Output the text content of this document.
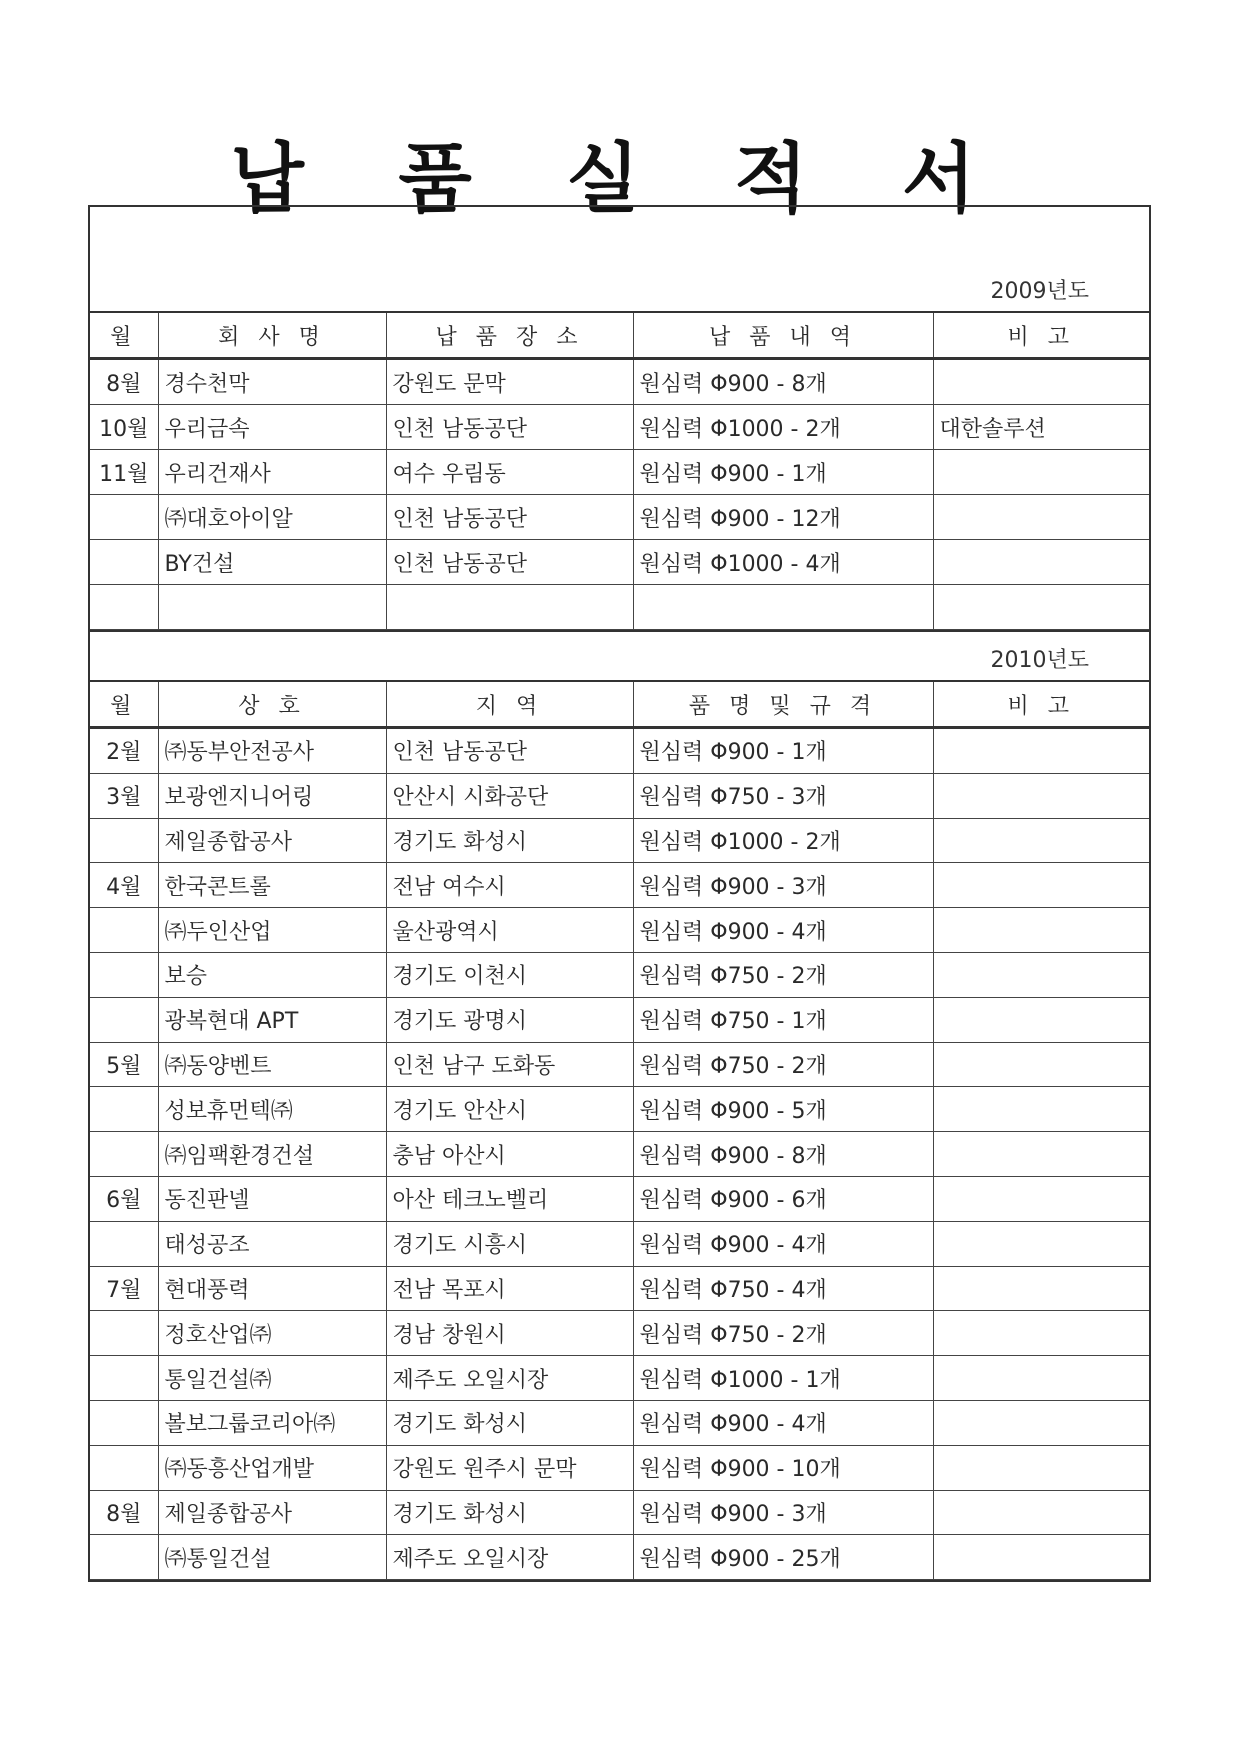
납 품 실 적 서
2009년도
월	회 사 명	납 품 장 소	납 품 내 역	비 고
8월	경수천막	강원도 문막	원심력 Φ900 - 8개	
10월	우리금속	인천 남동공단	원심력 Φ1000 - 2개	대한솔루션
11월	우리건재사	여수 우림동	원심력 Φ900 - 1개	
	㈜대호아이알	인천 남동공단	원심력 Φ900 - 12개	
	BY건설	인천 남동공단	원심력 Φ1000 - 4개	

2010년도
월	상 호	지 역	품 명 및 규 격	비 고
2월	㈜동부안전공사	인천 남동공단	원심력 Φ900 - 1개	
3월	보광엔지니어링	안산시 시화공단	원심력 Φ750 - 3개	
	제일종합공사	경기도 화성시	원심력 Φ1000 - 2개	
4월	한국콘트롤	전남 여수시	원심력 Φ900 - 3개	
	㈜두인산업	울산광역시	원심력 Φ900 - 4개	
	보승	경기도 이천시	원심력 Φ750 - 2개	
	광복현대 APT	경기도 광명시	원심력 Φ750 - 1개	
5월	㈜동양벤트	인천 남구 도화동	원심력 Φ750 - 2개	
	성보휴먼텍㈜	경기도 안산시	원심력 Φ900 - 5개	
	㈜임팩환경건설	충남 아산시	원심력 Φ900 - 8개	
6월	동진판넬	아산 테크노벨리	원심력 Φ900 - 6개	
	태성공조	경기도 시흥시	원심력 Φ900 - 4개	
7월	현대풍력	전남 목포시	원심력 Φ750 - 4개	
	정호산업㈜	경남 창원시	원심력 Φ750 - 2개	
	통일건설㈜	제주도 오일시장	원심력 Φ1000 - 1개	
	볼보그룹코리아㈜	경기도 화성시	원심력 Φ900 - 4개	
	㈜동흥산업개발	강원도 원주시 문막	원심력 Φ900 - 10개	
8월	제일종합공사	경기도 화성시	원심력 Φ900 - 3개	
	㈜통일건설	제주도 오일시장	원심력 Φ900 - 25개	
